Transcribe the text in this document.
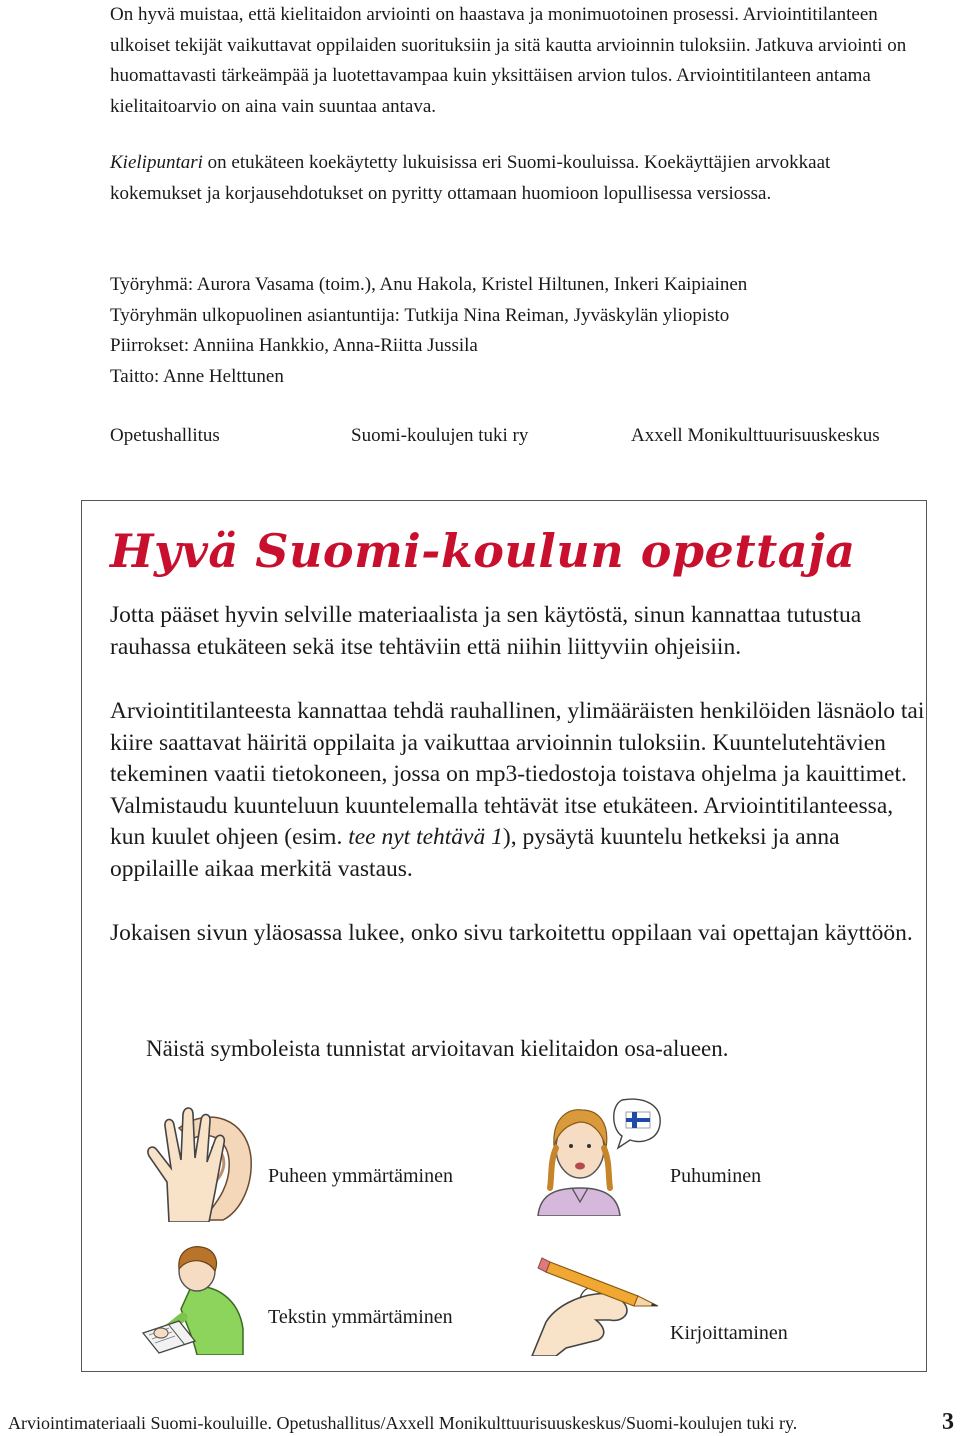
On hyvä muistaa, että kielitaidon arviointi on haastava ja monimuotoinen prosessi. Arviointitilanteen ulkoiset tekijät vaikuttavat oppilaiden suorituksiin ja sitä kautta arvioinnin tuloksiin. Jatkuva arviointi on huomattavasti tärkeämpää ja luotettavampaa kuin yksittäisen arvion tulos. Arviointitilanteen antama kielitaitoarvio on aina vain suuntaa antava.

Kielipuntari on etukäteen koekäytetty lukuisissa eri Suomi-kouluissa. Koekäyttäjien arvokkaat kokemukset ja korjausehdotukset on pyritty ottamaan huomioon lopullisessa versiossa.

Työryhmä: Aurora Vasama (toim.), Anu Hakola, Kristel Hiltunen, Inkeri Kaipiainen
Työryhmän ulkopuolinen asiantuntija: Tutkija Nina Reiman, Jyväskylän yliopisto
Piirrokset: Anniina Hankkio, Anna-Riitta Jussila
Taitto: Anne Helttunen
Opetushallitus	Suomi-koulujen tuki ry	Axxell Monikulttuurisuuskeskus
Hyvä Suomi-koulun opettaja

Jotta pääset hyvin selville materiaalista ja sen käytöstä, sinun kannattaa tutustua rauhassa etukäteen sekä itse tehtäviin että niihin liittyviin ohjeisiin.

Arviointitilanteesta kannattaa tehdä rauhallinen, ylimääräisten henkilöiden läsnäolo tai kiire saattavat häiritä oppilaita ja vaikuttaa arvioinnin tuloksiin. Kuuntelutehtävien tekeminen vaatii tietokoneen, jossa on mp3-tiedostoja toistava ohjelma ja kauittimet. Valmistaudu kuunteluun kuuntelemalla tehtävät itse etukäteen. Arviointitilanteessa, kun kuulet ohjeen (esim. tee nyt tehtävä 1), pysäytä kuuntelu hetkeksi ja anna oppilaille aikaa merkitä vastaus.

Jokaisen sivun yläosassa lukee, onko sivu tarkoitettu oppilaan vai opettajan käyttöön.

Näistä symboleista tunnistat arvioitavan kielitaidon osa-alueen.
Puheen ymmärtäminen	Puhuminen
Tekstin ymmärtäminen
Kirjoittaminen
Arviointimateriaali Suomi-kouluille. Opetushallitus/Axxell Monikulttuurisuuskeskus/Suomi-koulujen tuki ry.	3
